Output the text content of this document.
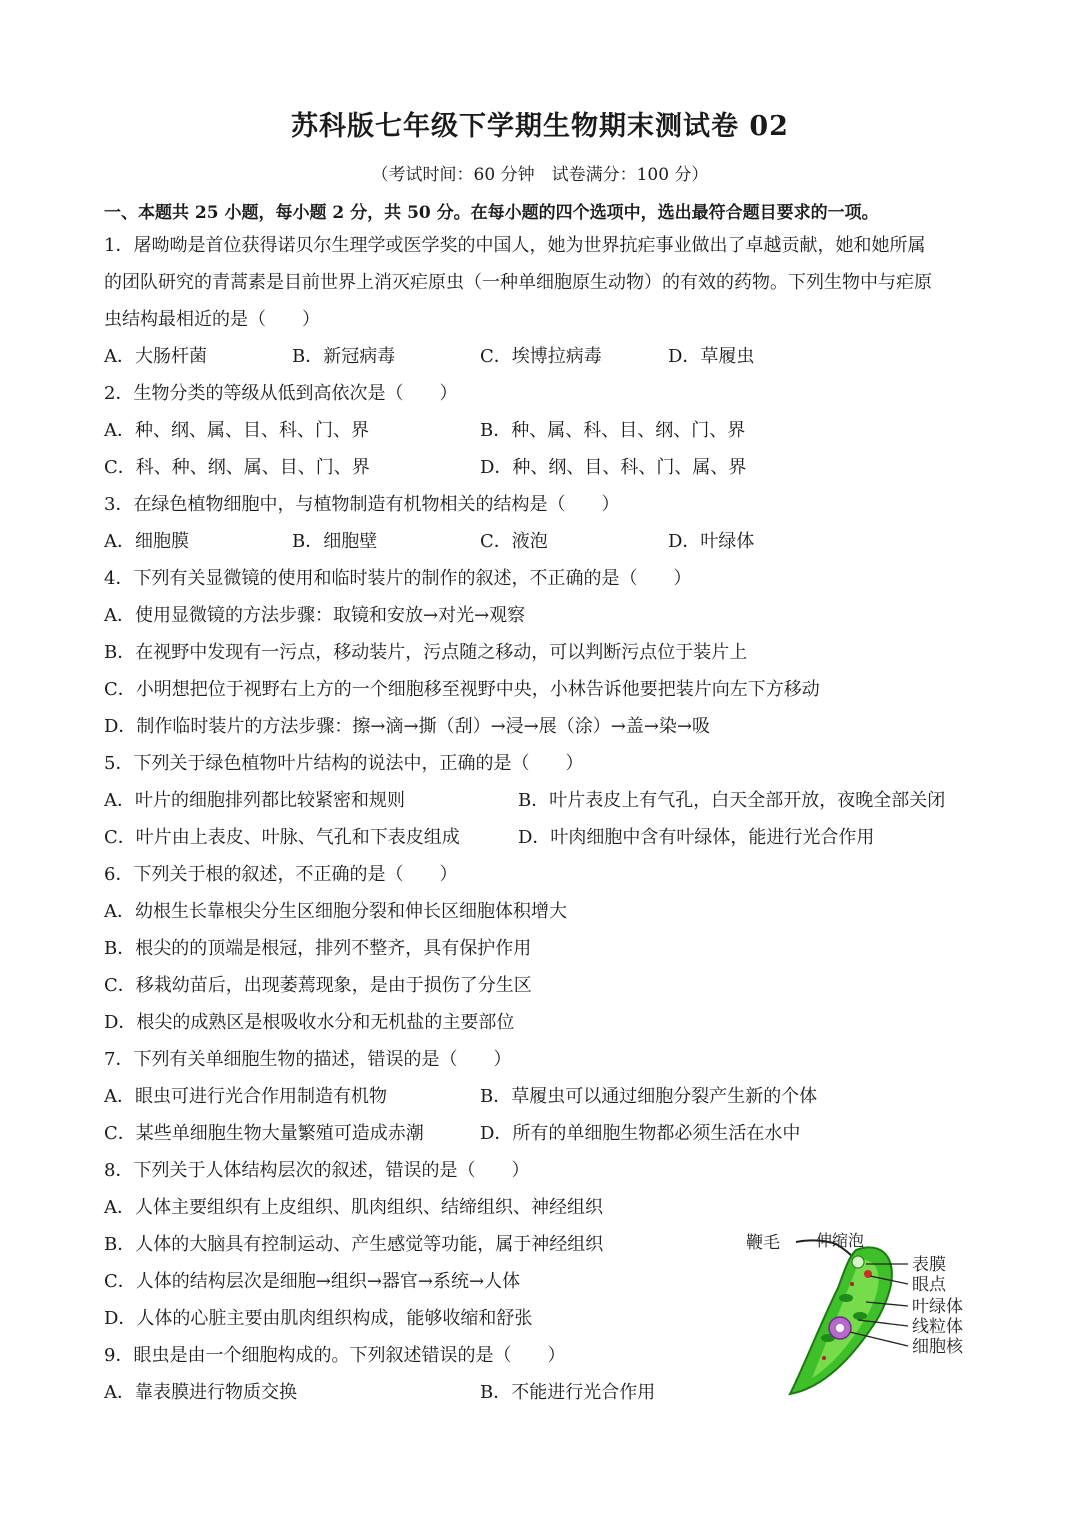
苏科版七年级下学期生物期末测试卷 02
（考试时间：60 分钟　试卷满分：100 分）
一、本题共 25 小题，每小题 2 分，共 50 分。在每小题的四个选项中，选出最符合题目要求的一项。
1．屠呦呦是首位获得诺贝尔生理学或医学奖的中国人，她为世界抗疟事业做出了卓越贡献，她和她所属
的团队研究的青蒿素是目前世界上消灭疟原虫（一种单细胞原生动物）的有效的药物。下列生物中与疟原
虫结构最相近的是（　　）
A．大肠杆菌	B．新冠病毒	C．埃博拉病毒	D．草履虫
2．生物分类的等级从低到高依次是（　　）
A．种、纲、属、目、科、门、界	B．种、属、科、目、纲、门、界
C．科、种、纲、属、目、门、界	D．种、纲、目、科、门、属、界
3．在绿色植物细胞中，与植物制造有机物相关的结构是（　　）
A．细胞膜	B．细胞壁	C．液泡	D．叶绿体
4．下列有关显微镜的使用和临时装片的制作的叙述，不正确的是（　　）
A．使用显微镜的方法步骤：取镜和安放→对光→观察
B．在视野中发现有一污点，移动装片，污点随之移动，可以判断污点位于装片上
C．小明想把位于视野右上方的一个细胞移至视野中央，小林告诉他要把装片向左下方移动
D．制作临时装片的方法步骤：擦→滴→撕（刮）→浸→展（涂）→盖→染→吸
5．下列关于绿色植物叶片结构的说法中，正确的是（　　）
A．叶片的细胞排列都比较紧密和规则	B．叶片表皮上有气孔，白天全部开放，夜晚全部关闭
C．叶片由上表皮、叶脉、气孔和下表皮组成	D．叶肉细胞中含有叶绿体，能进行光合作用
6．下列关于根的叙述，不正确的是（　　）
A．幼根生长靠根尖分生区细胞分裂和伸长区细胞体积增大
B．根尖的的顶端是根冠，排列不整齐，具有保护作用
C．移栽幼苗后，出现萎蔫现象，是由于损伤了分生区
D．根尖的成熟区是根吸收水分和无机盐的主要部位
7．下列有关单细胞生物的描述，错误的是（　　）
A．眼虫可进行光合作用制造有机物	B．草履虫可以通过细胞分裂产生新的个体
C．某些单细胞生物大量繁殖可造成赤潮	D．所有的单细胞生物都必须生活在水中
8．下列关于人体结构层次的叙述，错误的是（　　）
A．人体主要组织有上皮组织、肌肉组织、结缔组织、神经组织
B．人体的大脑具有控制运动、产生感觉等功能，属于神经组织
C．人体的结构层次是细胞→组织→器官→系统→人体
D．人体的心脏主要由肌肉组织构成，能够收缩和舒张
9．眼虫是由一个细胞构成的。下列叙述错误的是（　　）
A．靠表膜进行物质交换	B．不能进行光合作用
鞭毛 伸缩泡
表膜
眼点
叶绿体
线粒体
细胞核
